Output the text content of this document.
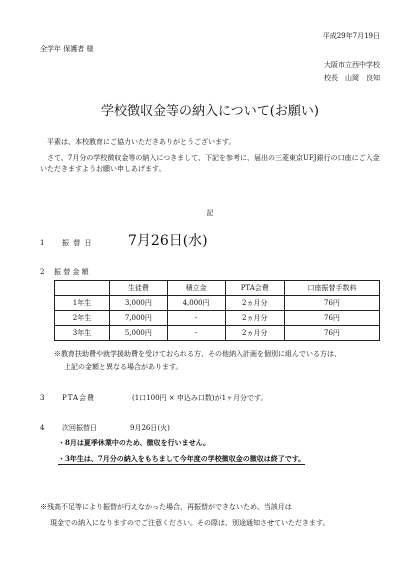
平成29年7月19日
全学年 保護者 様
大阪市立西中学校
校長　山岡　良知
学校徴収金等の納入について(お願い)
平素は、本校教育にご協力いただきありがとうございます。
さて、7月分の学校徴収金等の納入につきまして、下記を参考に、届出の三菱東京UFJ銀行の口座にご入金いただきますようお願い申しあげます。
記
1	振 替 日	7月26日(水)
2 振 替 金 額
	生徒費	積立金	PTA会費	口座振替手数料
1年生	3,000円	4,000円	2ヵ月分	76円
2年生	7,000円	-	2ヵ月分	76円
3年生	5,000円	-	2ヵ月分	76円
※教育扶助費や就学援助費を受けておられる方、その他納入計画を個別に組んでいる方は、
上記の金額と異なる場合があります。
3	PTA会費	(1口100円 × 申込み口数)が1ヶ月分です。
4	次回振替日	9月26日(火)
・8月は夏季休業中のため、徴収を行いません。
・3年生は、7月分の納入をもちまして今年度の学校徴収金の徴収は終了です。
※残高不足等により振替が行えなかった場合、再振替ができないため、当該月は
現金での納入になりますのでご注意ください。その際は、別途通知させていただきます。
